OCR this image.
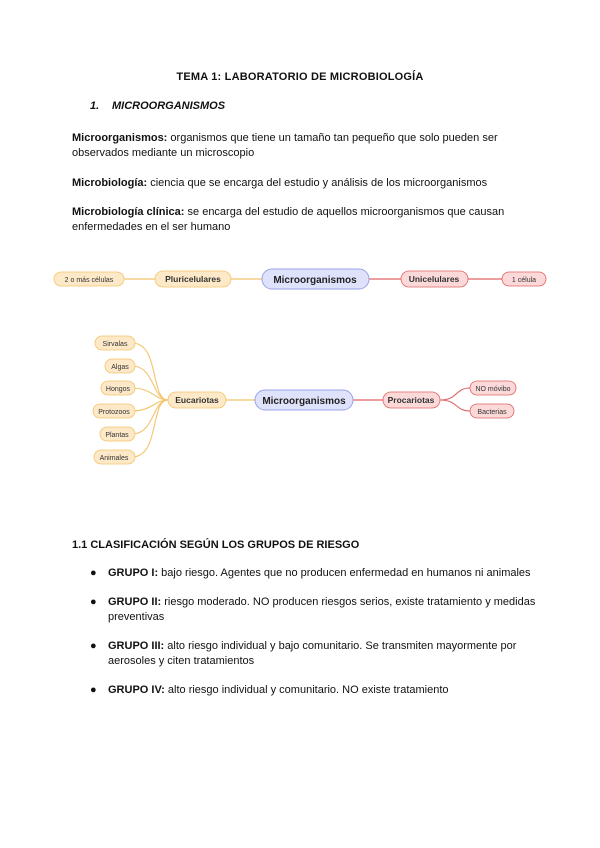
TEMA 1: LABORATORIO DE MICROBIOLOGÍA
1. MICROORGANISMOS
Microorganismos: organismos que tiene un tamaño tan pequeño que solo pueden ser observados mediante un microscopio
Microbiología: ciencia que se encarga del estudio y análisis de los microorganismos
Microbiología clínica: se encarga del estudio de aquellos microorganismos que causan enfermedades en el ser humano
2 o más células	Pluricelulares	Microorganismos	Unicelulares	1 célula
Sirvalas
Algas
Hongos
Protozoos
Plantas
Animales
Eucariotas	Microorganismos	Procariotas
NO móvibo
Bacterias
1.1 CLASIFICACIÓN SEGÚN LOS GRUPOS DE RIESGO
● GRUPO I: bajo riesgo. Agentes que no producen enfermedad en humanos ni animales
● GRUPO II: riesgo moderado. NO producen riesgos serios, existe tratamiento y medidas preventivas
● GRUPO III: alto riesgo individual y bajo comunitario. Se transmiten mayormente por aerosoles y citen tratamientos
● GRUPO IV: alto riesgo individual y comunitario. NO existe tratamiento
